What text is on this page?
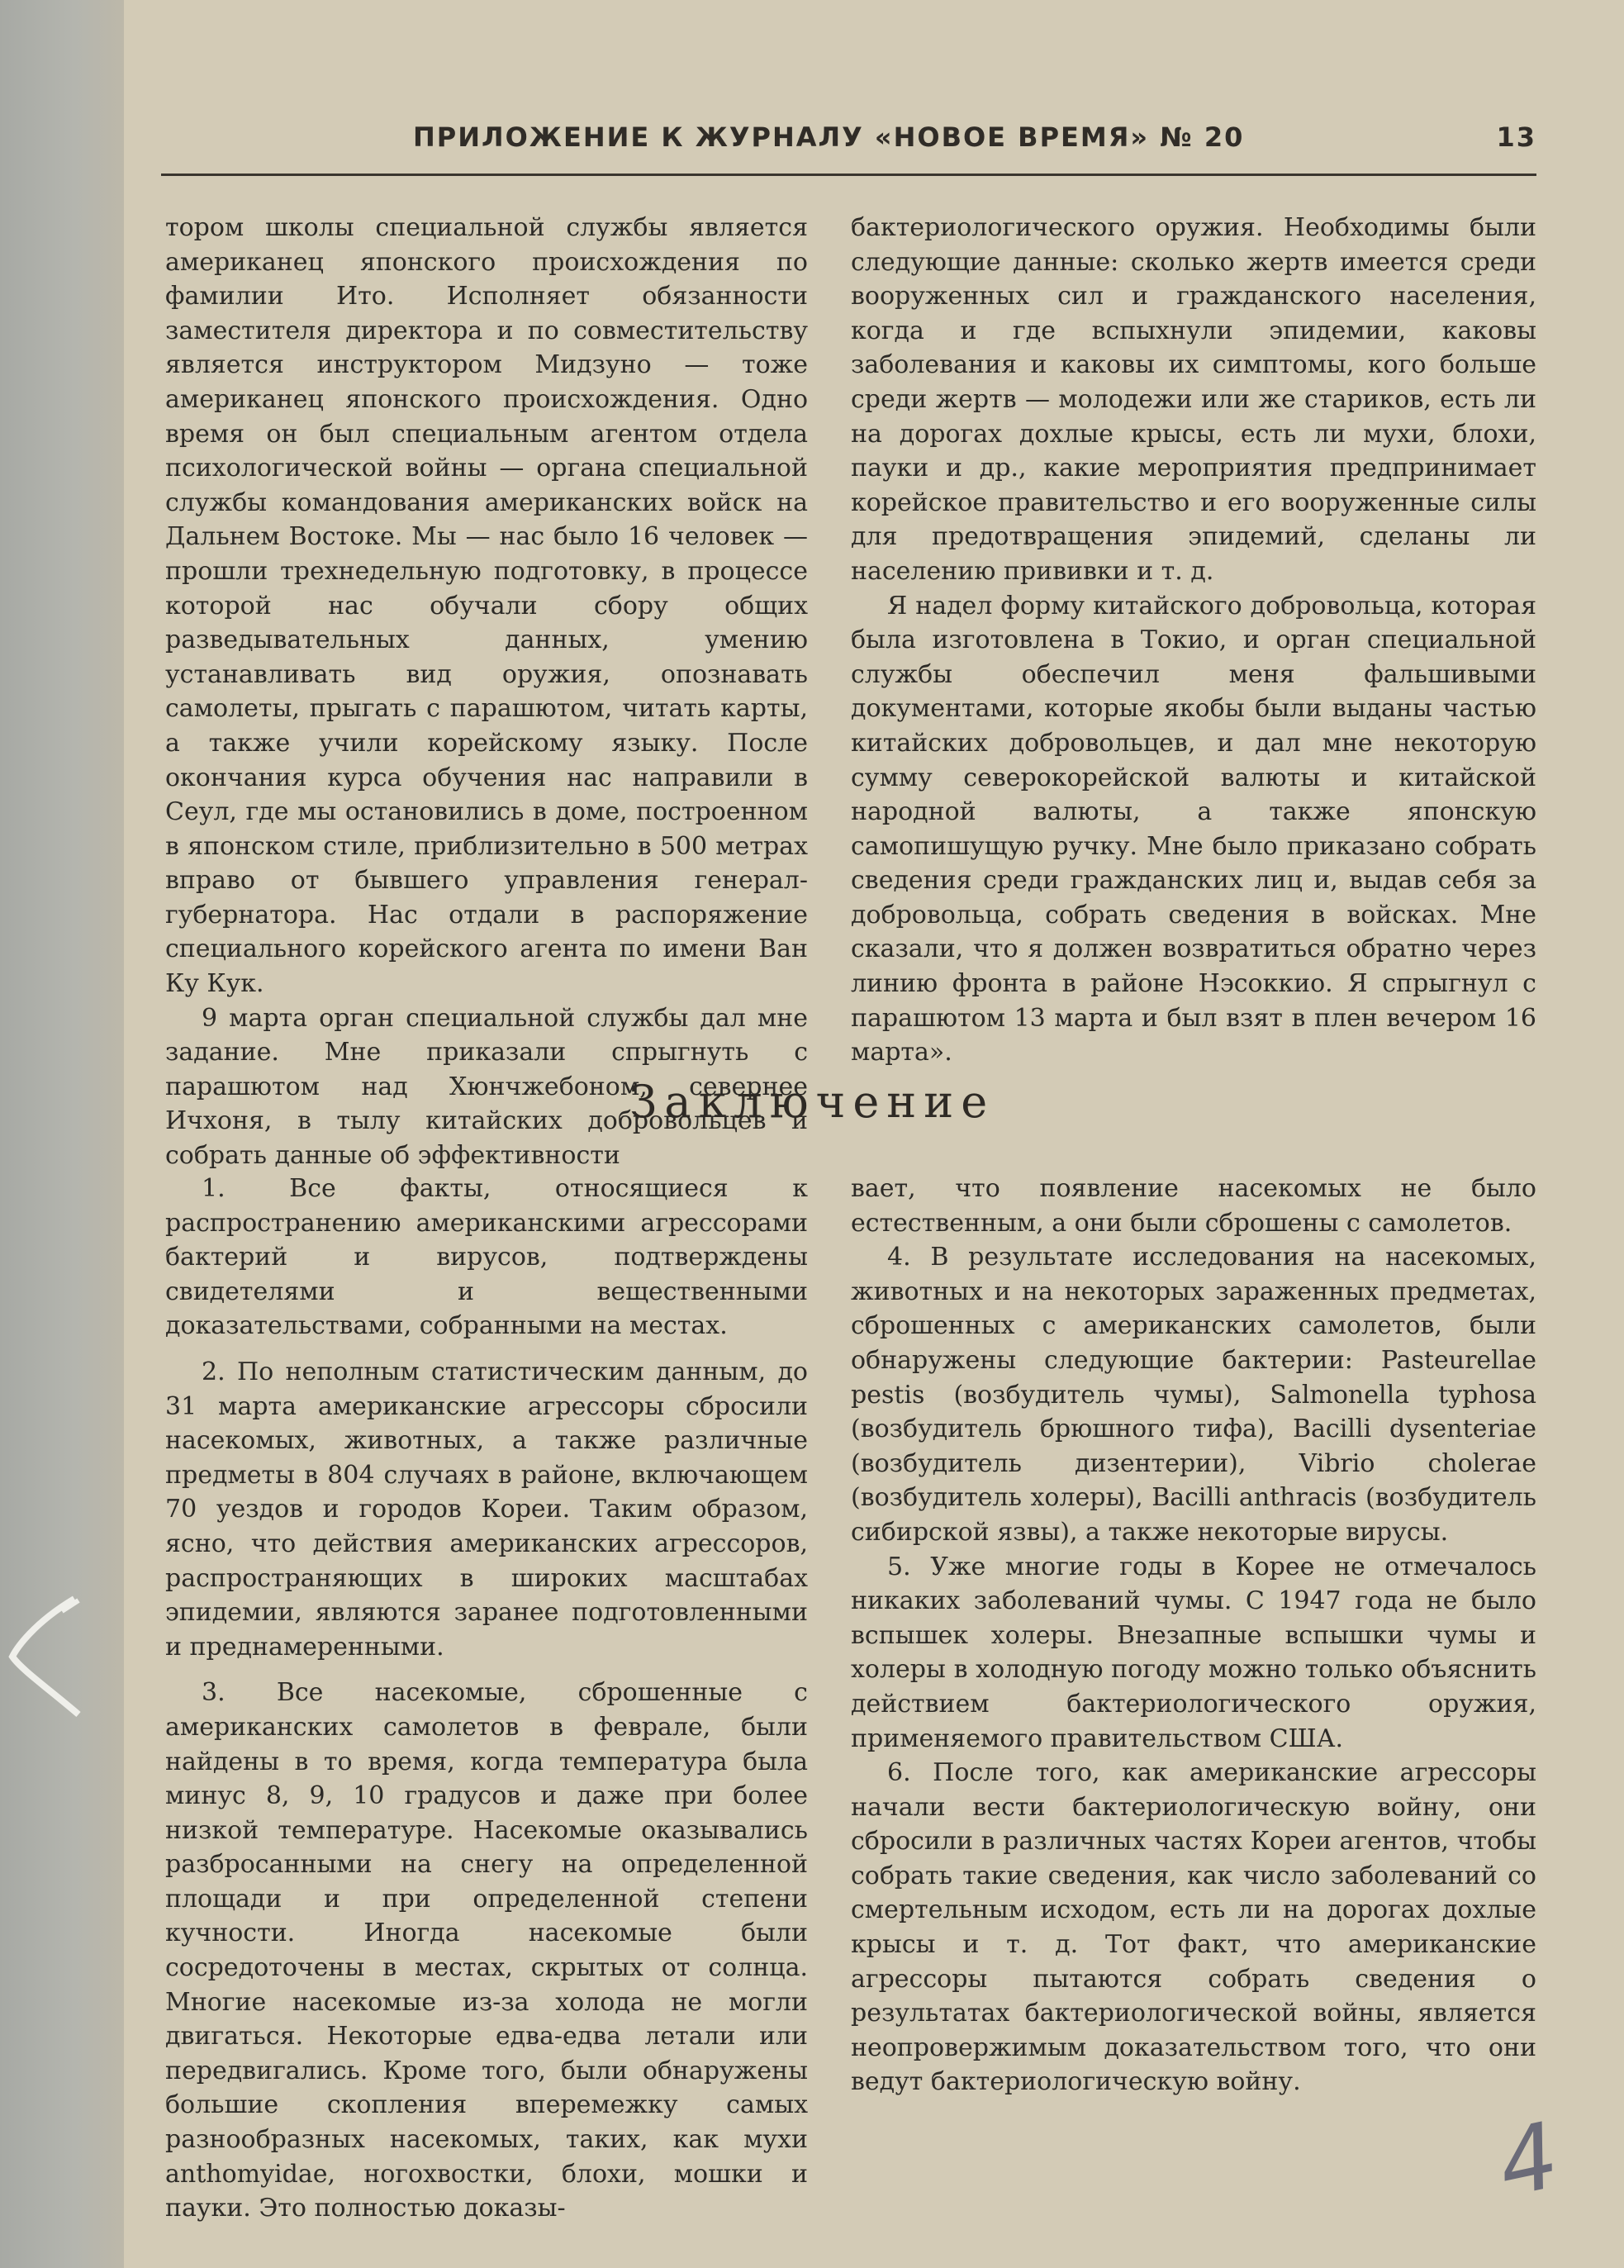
ПРИЛОЖЕНИЕ К ЖУРНАЛУ «НОВОЕ ВРЕМЯ» № 20	13

тором школы специальной службы является американец японского происхождения по фамилии Ито. Исполняет обязанности заместителя директора и по совместительству является инструктором Мидзуно — тоже американец японского происхождения. Одно время он был специальным агентом отдела психологической войны — органа специальной службы командования американских войск на Дальнем Востоке. Мы — нас было 16 человек — прошли трехнедельную подготовку, в процессе которой нас обучали сбору общих разведывательных данных, умению устанавливать вид оружия, опознавать самолеты, прыгать с парашютом, читать карты, а также учили корейскому языку. После окончания курса обучения нас направили в Сеул, где мы остановились в доме, построенном в японском стиле, приблизительно в 500 метрах вправо от бывшего управления генерал-губернатора. Нас отдали в распоряжение специального корейского агента по имени Ван Ку Кук.

9 марта орган специальной службы дал мне задание. Мне приказали спрыгнуть с парашютом над Хюнчжебоном, севернее Ичхоня, в тылу китайских добровольцев и собрать данные об эффективности

бактериологического оружия. Необходимы были следующие данные: сколько жертв имеется среди вооруженных сил и гражданского населения, когда и где вспыхнули эпидемии, каковы заболевания и каковы их симптомы, кого больше среди жертв — молодежи или же стариков, есть ли на дорогах дохлые крысы, есть ли мухи, блохи, пауки и др., какие мероприятия предпринимает корейское правительство и его вооруженные силы для предотвращения эпидемий, сделаны ли населению прививки и т. д.

Я надел форму китайского добровольца, которая была изготовлена в Токио, и орган специальной службы обеспечил меня фальшивыми документами, которые якобы были выданы частью китайских добровольцев, и дал мне некоторую сумму северокорейской валюты и китайской народной валюты, а также японскую самопишущую ручку. Мне было приказано собрать сведения среди гражданских лиц и, выдав себя за добровольца, собрать сведения в войсках. Мне сказали, что я должен возвратиться обратно через линию фронта в районе Нэсоккио. Я спрыгнул с парашютом 13 марта и был взят в плен вечером 16 марта».

Заключение

1. Все факты, относящиеся к распространению американскими агрессорами бактерий и вирусов, подтверждены свидетелями и вещественными доказательствами, собранными на местах.

2. По неполным статистическим данным, до 31 марта американские агрессоры сбросили насекомых, животных, а также различные предметы в 804 случаях в районе, включающем 70 уездов и городов Кореи. Таким образом, ясно, что действия американских агрессоров, распространяющих в широких масштабах эпидемии, являются заранее подготовленными и преднамеренными.

3. Все насекомые, сброшенные с американских самолетов в феврале, были найдены в то время, когда температура была минус 8, 9, 10 градусов и даже при более низкой температуре. Насекомые оказывались разбросанными на снегу на определенной площади и при определенной степени кучности. Иногда насекомые были сосредоточены в местах, скрытых от солнца. Многие насекомые из-за холода не могли двигаться. Некоторые едва-едва летали или передвигались. Кроме того, были обнаружены большие скопления вперемежку самых разнообразных насекомых, таких, как мухи anthomyidae, ногохвостки, блохи, мошки и пауки. Это полностью доказы-

вает, что появление насекомых не было естественным, а они были сброшены с самолетов.

4. В результате исследования на насекомых, животных и на некоторых зараженных предметах, сброшенных с американских самолетов, были обнаружены следующие бактерии: Pasteurellae pestis (возбудитель чумы), Salmonella typhosa (возбудитель брюшного тифа), Bacilli dysenteriae (возбудитель дизентерии), Vibrio cholerae (возбудитель холеры), Bacilli anthracis (возбудитель сибирской язвы), а также некоторые вирусы.

5. Уже многие годы в Корее не отмечалось никаких заболеваний чумы. С 1947 года не было вспышек холеры. Внезапные вспышки чумы и холеры в холодную погоду можно только объяснить действием бактериологического оружия, применяемого правительством США.

6. После того, как американские агрессоры начали вести бактериологическую войну, они сбросили в различных частях Кореи агентов, чтобы собрать такие сведения, как число заболеваний со смертельным исходом, есть ли на дорогах дохлые крысы и т. д. Тот факт, что американские агрессоры пытаются собрать сведения о результатах бактериологической войны, является неопровержимым доказательством того, что они ведут бактериологическую войну.

4
